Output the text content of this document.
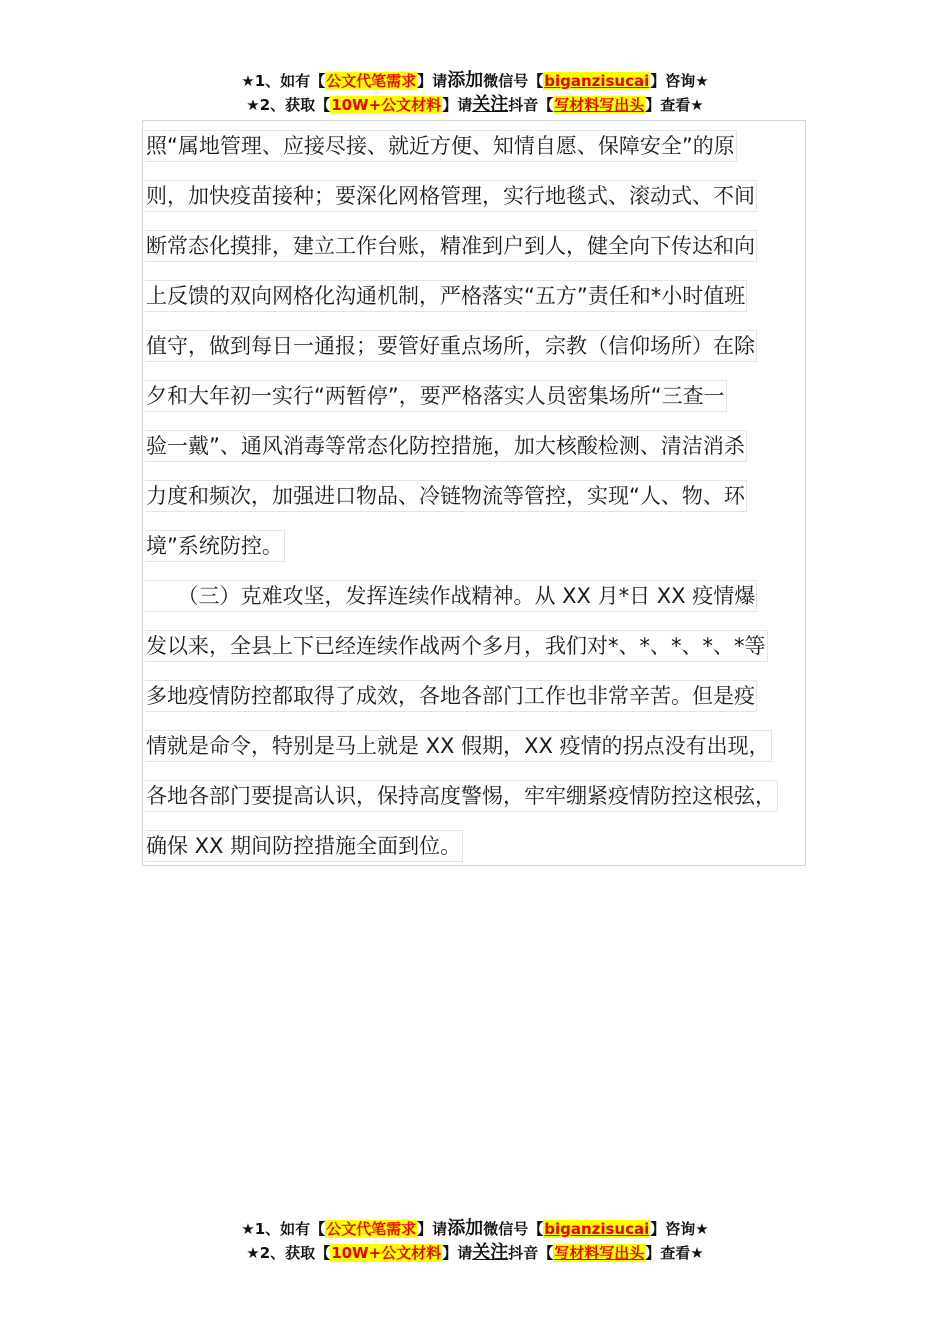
★1、如有【公文代笔需求】请添加微信号【biganzisucai】咨询★
★2、获取【10W+公文材料】请关注抖音【写材料写出头】查看★
照“属地管理、应接尽接、就近方便、知情自愿、保障安全”的原
则，加快疫苗接种；要深化网格管理，实行地毯式、滚动式、不间
断常态化摸排，建立工作台账，精准到户到人，健全向下传达和向
上反馈的双向网格化沟通机制，严格落实“五方”责任和*小时值班
值守，做到每日一通报；要管好重点场所，宗教（信仰场所）在除
夕和大年初一实行“两暂停”，要严格落实人员密集场所“三查一
验一戴”、通风消毒等常态化防控措施，加大核酸检测、清洁消杀
力度和频次，加强进口物品、冷链物流等管控，实现“人、物、环
境”系统防控。
　　（三）克难攻坚，发挥连续作战精神。从 XX 月*日 XX 疫情爆
发以来，全县上下已经连续作战两个多月，我们对*、*、*、*、*等
多地疫情防控都取得了成效，各地各部门工作也非常辛苦。但是疫
情就是命令，特别是马上就是 XX 假期，XX 疫情的拐点没有出现，
各地各部门要提高认识，保持高度警惕，牢牢绷紧疫情防控这根弦，
确保 XX 期间防控措施全面到位。
★1、如有【公文代笔需求】请添加微信号【biganzisucai】咨询★
★2、获取【10W+公文材料】请关注抖音【写材料写出头】查看★
